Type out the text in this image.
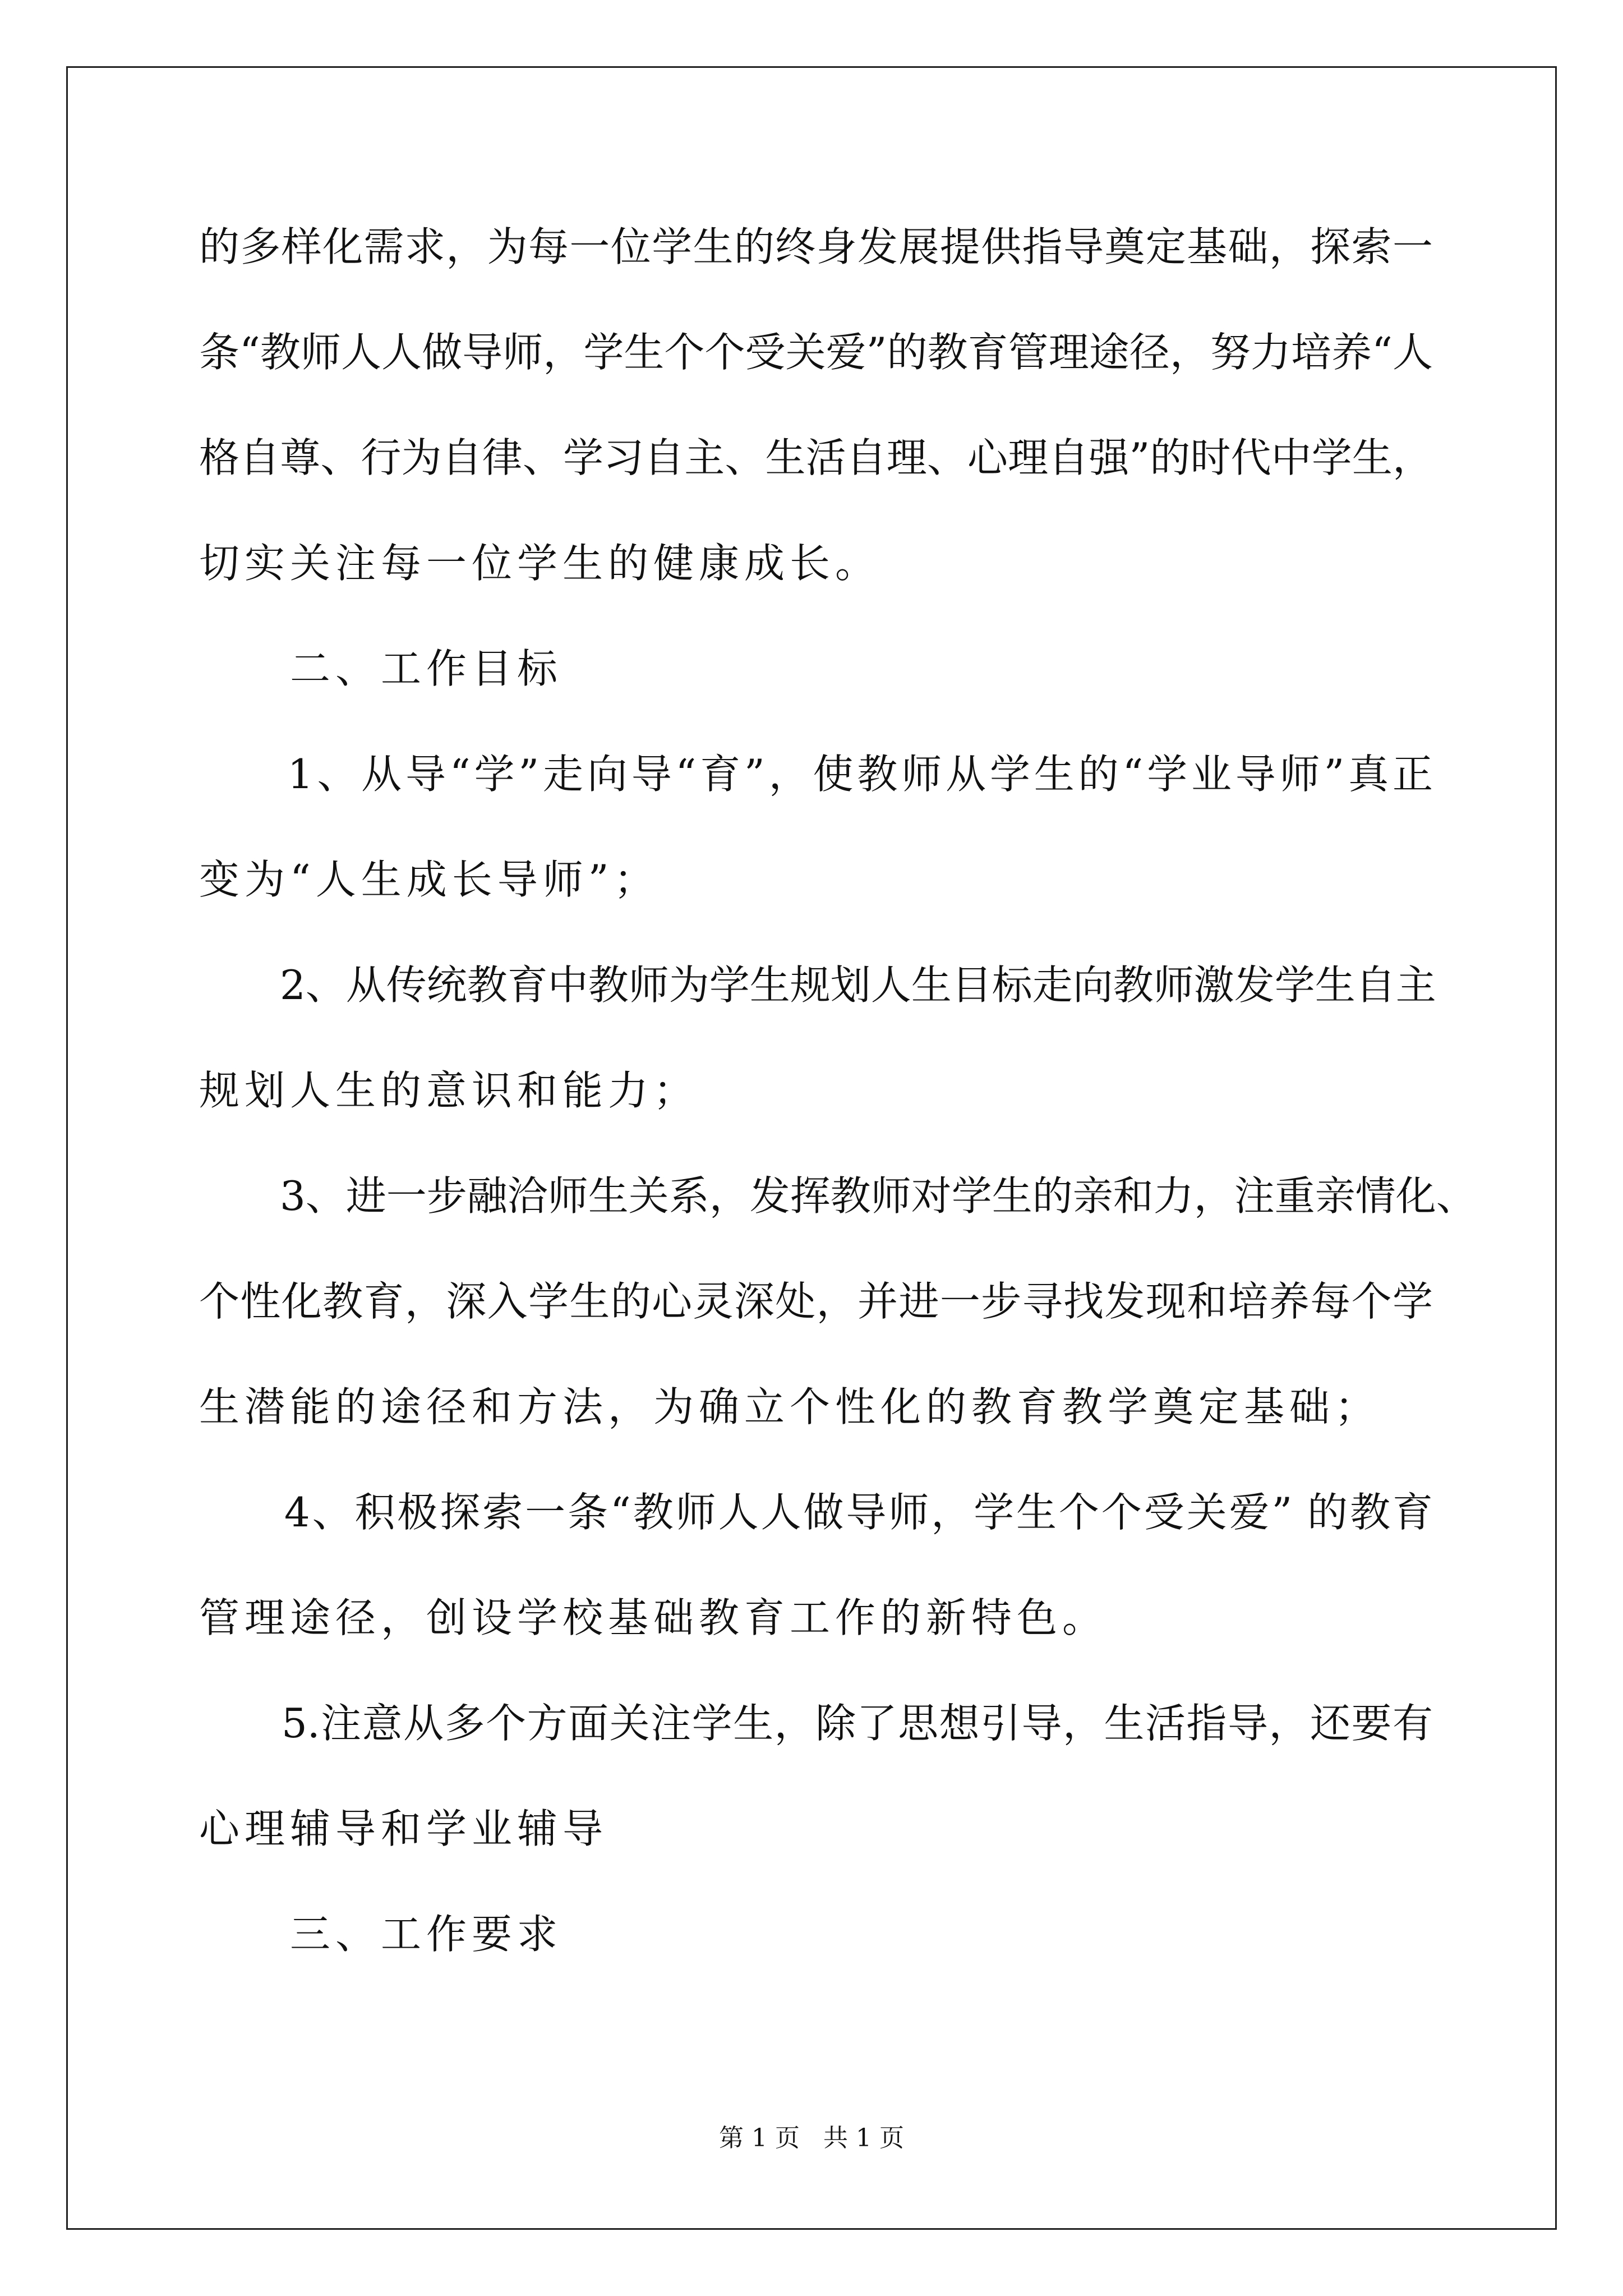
的多样化需求，为每一位学生的终身发展提供指导奠定基础，探索一
条“教师人人做导师，学生个个受关爱”的教育管理途径，努力培养“人
格自尊、行为自律、学习自主、生活自理、心理自强”的时代中学生，
切实关注每一位学生的健康成长。
　　二、工作目标
　　1、从导“学”走向导“育”，使教师从学生的“学业导师”真正
变为“人生成长导师”；
　　2、从传统教育中教师为学生规划人生目标走向教师激发学生自主
规划人生的意识和能力；
　　3、进一步融洽师生关系，发挥教师对学生的亲和力，注重亲情化、
个性化教育，深入学生的心灵深处，并进一步寻找发现和培养每个学
生潜能的途径和方法，为确立个性化的教育教学奠定基础；
　　4、积极探索一条“教师人人做导师，学生个个受关爱” 的教育
管理途径，创设学校基础教育工作的新特色。
　　5.注意从多个方面关注学生，除了思想引导，生活指导，还要有
心理辅导和学业辅导
　　三、工作要求
第 1 页   共 1 页
